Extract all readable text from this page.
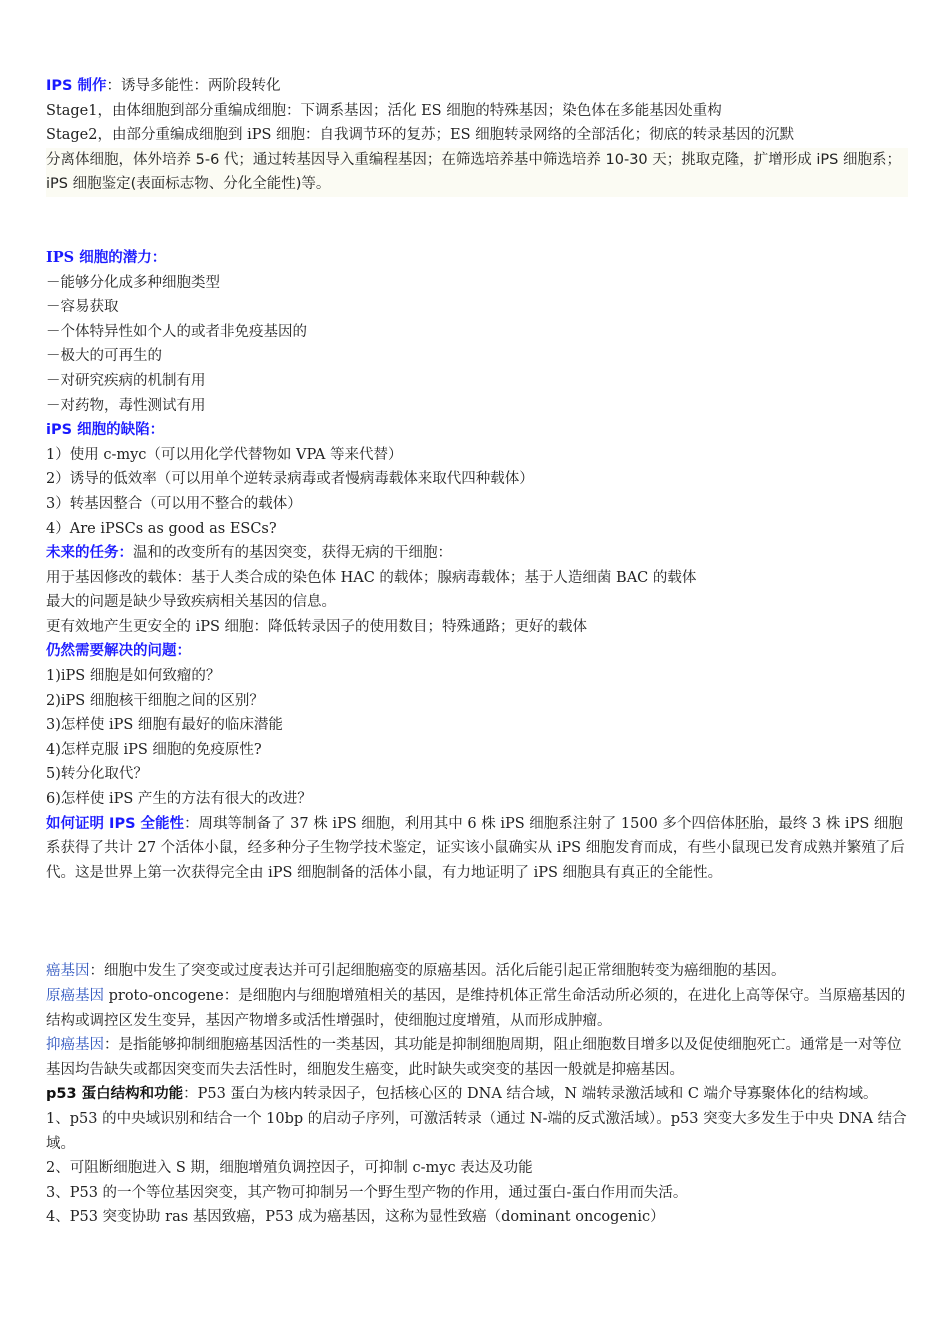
IPS 制作：诱导多能性：两阶段转化

Stage1，由体细胞到部分重编成细胞：下调系基因；活化 ES 细胞的特殊基因；染色体在多能基因处重构

Stage2，由部分重编成细胞到 iPS 细胞：自我调节环的复苏；ES 细胞转录网络的全部活化；彻底的转录基因的沉默

分离体细胞，体外培养 5-6 代；通过转基因导入重编程基因；在筛选培养基中筛选培养 10-30 天；挑取克隆，扩增形成 iPS 细胞系；iPS 细胞鉴定(表面标志物、分化全能性)等。

IPS 细胞的潜力：

－能够分化成多种细胞类型

－容易获取

－个体特异性如个人的或者非免疫基因的

－极大的可再生的

－对研究疾病的机制有用

－对药物，毒性测试有用

iPS 细胞的缺陷：

1）使用 c-myc（可以用化学代替物如 VPA 等来代替）

2）诱导的低效率（可以用单个逆转录病毒或者慢病毒载体来取代四种载体）

3）转基因整合（可以用不整合的载体）

4）Are iPSCs as good as ESCs?

未来的任务：温和的改变所有的基因突变，获得无病的干细胞：

用于基因修改的载体：基于人类合成的染色体 HAC 的载体；腺病毒载体；基于人造细菌 BAC 的载体

最大的问题是缺少导致疾病相关基因的信息。

更有效地产生更安全的 iPS 细胞：降低转录因子的使用数目；特殊通路；更好的载体

仍然需要解决的问题：

1)iPS 细胞是如何致瘤的？

2)iPS 细胞核干细胞之间的区别？

3)怎样使 iPS 细胞有最好的临床潜能

4)怎样克服 iPS 细胞的免疫原性?

5)转分化取代？

6)怎样使 iPS 产生的方法有很大的改进？

如何证明 IPS 全能性：周琪等制备了 37 株 iPS 细胞，利用其中 6 株 iPS 细胞系注射了 1500 多个四倍体胚胎，最终 3 株 iPS 细胞系获得了共计 27 个活体小鼠，经多种分子生物学技术鉴定，证实该小鼠确实从 iPS 细胞发育而成，有些小鼠现已发育成熟并繁殖了后代。这是世界上第一次获得完全由 iPS 细胞制备的活体小鼠，有力地证明了 iPS 细胞具有真正的全能性。

癌基因：细胞中发生了突变或过度表达并可引起细胞癌变的原癌基因。活化后能引起正常细胞转变为癌细胞的基因。

原癌基因 proto-oncogene：是细胞内与细胞增殖相关的基因，是维持机体正常生命活动所必须的，在进化上高等保守。当原癌基因的结构或调控区发生变异，基因产物增多或活性增强时，使细胞过度增殖，从而形成肿瘤。

抑癌基因：是指能够抑制细胞癌基因活性的一类基因，其功能是抑制细胞周期，阻止细胞数目增多以及促使细胞死亡。通常是一对等位基因均告缺失或都因突变而失去活性时，细胞发生癌变，此时缺失或突变的基因一般就是抑癌基因。

p53 蛋白结构和功能：P53 蛋白为核内转录因子，包括核心区的 DNA 结合域，N 端转录激活域和 C 端介导寡聚体化的结构域。

1、p53 的中央域识别和结合一个 10bp 的启动子序列，可激活转录（通过 N-端的反式激活域）。p53 突变大多发生于中央 DNA 结合域。

2、可阻断细胞进入 S 期，细胞增殖负调控因子，可抑制 c-myc 表达及功能

3、P53 的一个等位基因突变，其产物可抑制另一个野生型产物的作用，通过蛋白-蛋白作用而失活。

4、P53 突变协助 ras 基因致癌，P53 成为癌基因，这称为显性致癌（dominant oncogenic）
